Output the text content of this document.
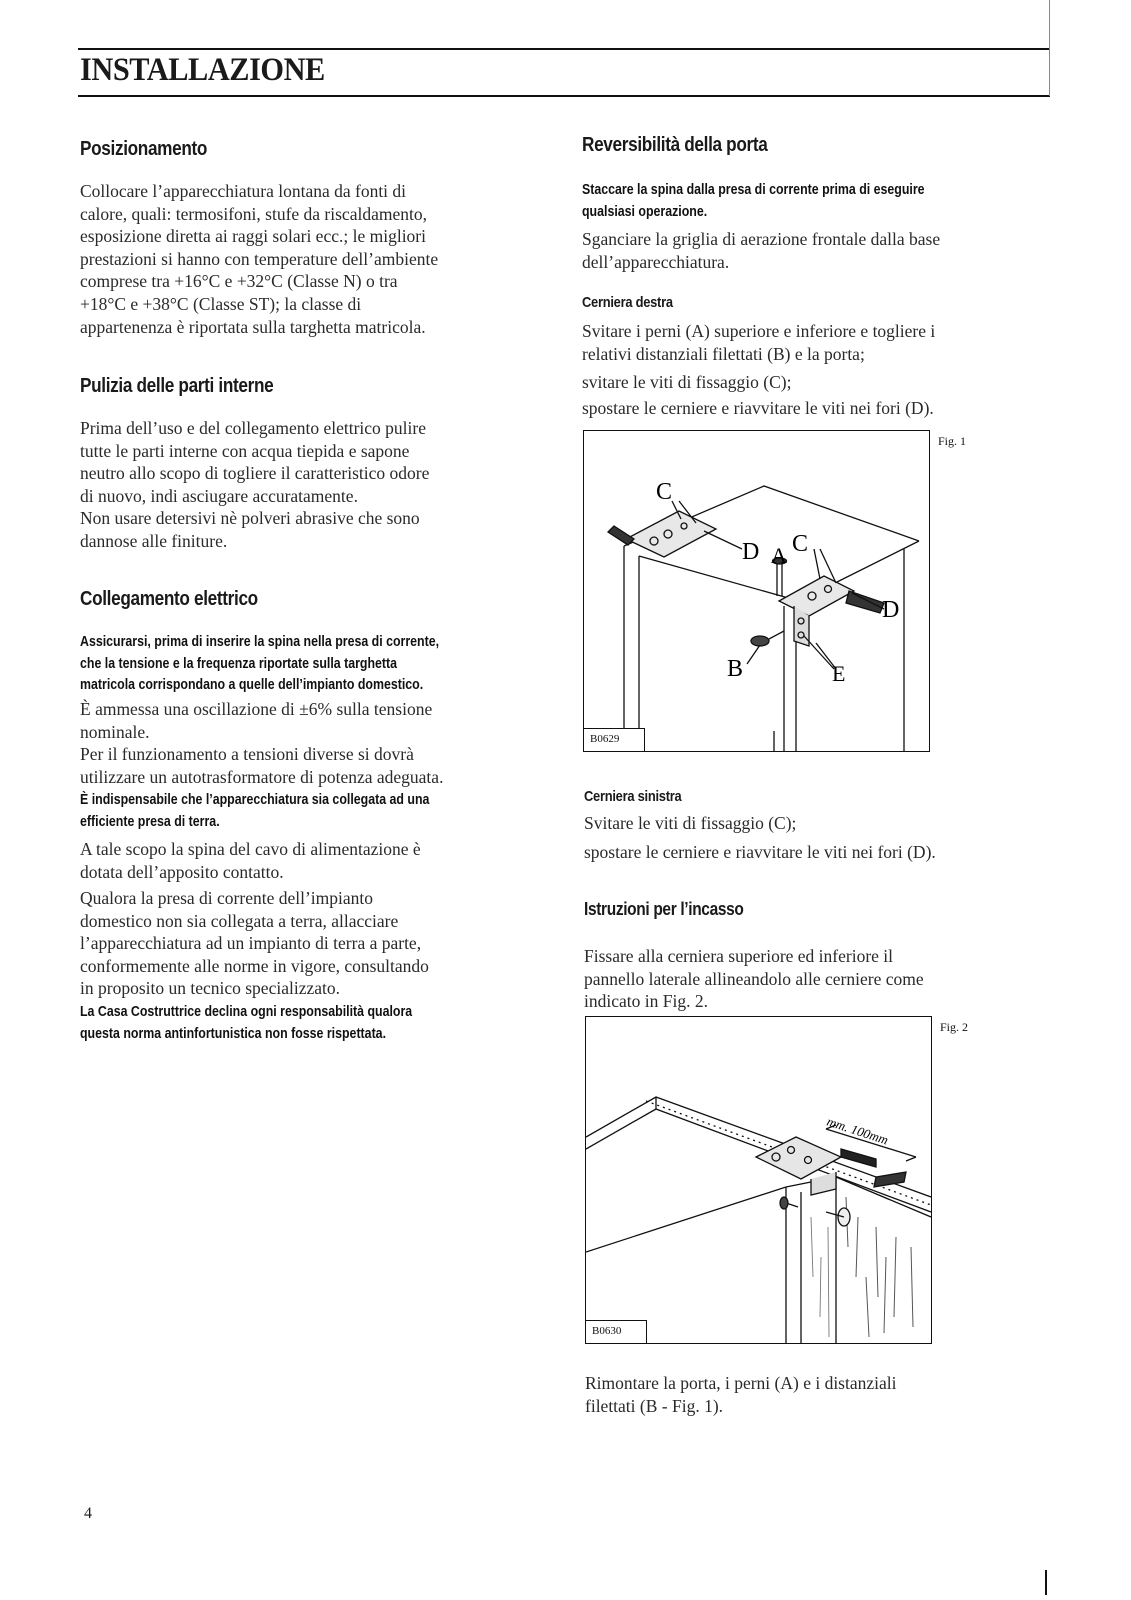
INSTALLAZIONE
Posizionamento
Collocare l’apparecchiatura lontana da fonti di
calore, quali: termosifoni, stufe da riscaldamento,
esposizione diretta ai raggi solari ecc.; le migliori
prestazioni si hanno con temperature dell’ambiente
comprese tra +16°C e +32°C (Classe N) o tra
+18°C e +38°C (Classe ST); la classe di
appartenenza è riportata sulla targhetta matricola.
Pulizia delle parti interne
Prima dell’uso e del collegamento elettrico pulire
tutte le parti interne con acqua tiepida e sapone
neutro allo scopo di togliere il caratteristico odore
di nuovo, indi asciugare accuratamente.
Non usare detersivi nè polveri abrasive che sono
dannose alle finiture.
Collegamento elettrico
Assicurarsi, prima di inserire la spina nella presa di corrente,
che la tensione e la frequenza riportate sulla targhetta
matricola corrispondano a quelle dell’impianto domestico.
È ammessa una oscillazione di ±6% sulla tensione
nominale.
Per il funzionamento a tensioni diverse si dovrà
utilizzare un autotrasformatore di potenza adeguata.
È indispensabile che l’apparecchiatura sia collegata ad una
efficiente presa di terra.
A tale scopo la spina del cavo di alimentazione è
dotata dell’apposito contatto.
Qualora la presa di corrente dell’impianto
domestico non sia collegata a terra, allacciare
l’apparecchiatura ad un impianto di terra a parte,
conformemente alle norme in vigore, consultando
in proposito un tecnico specializzato.
La Casa Costruttrice declina ogni responsabilità qualora
questa norma antinfortunistica non fosse rispettata.
Reversibilità della porta
Staccare la spina dalla presa di corrente prima di eseguire
qualsiasi operazione.
Sganciare la griglia di aerazione frontale dalla base
dell’apparecchiatura.
Cerniera destra
Svitare i perni (A) superiore e inferiore e togliere i
relativi distanziali filettati (B) e la porta;
svitare le viti di fissaggio (C);
spostare le cerniere e riavvitare le viti nei fori (D).
C
D A C
D
B	E
B0629
Fig. 1
Cerniera sinistra
Svitare le viti di fissaggio (C);
spostare le cerniere e riavvitare le viti nei fori (D).
Istruzioni per l’incasso
Fissare alla cerniera superiore ed inferiore il
pannello laterale allineandolo alle cerniere come
indicato in Fig. 2.
mm. 100mm
B0630
Fig. 2
Rimontare la porta, i perni (A) e i distanziali
filettati (B - Fig. 1).
4
